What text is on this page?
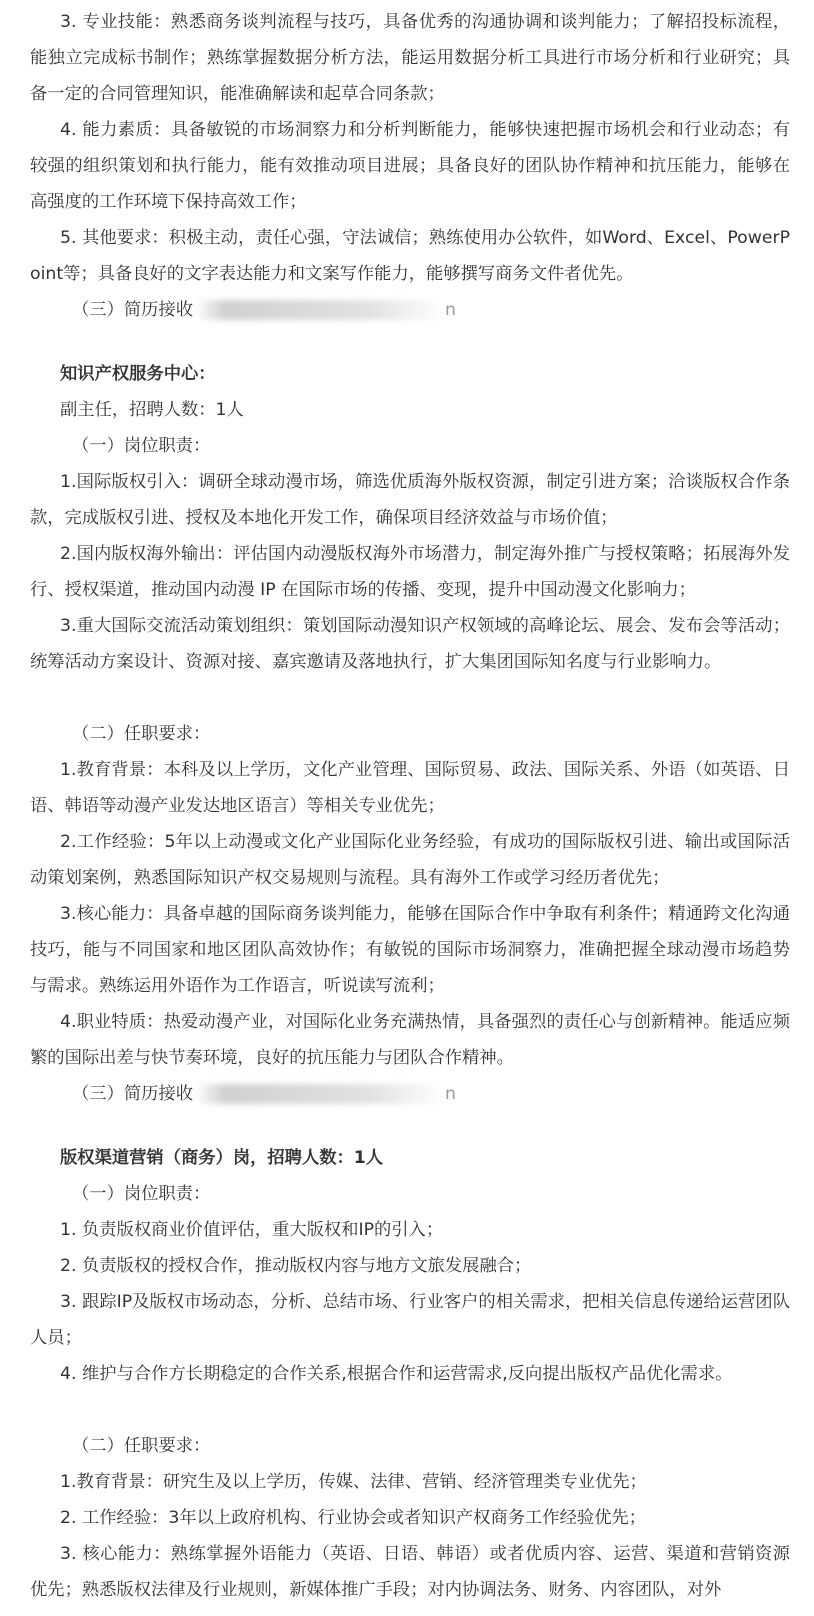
3. 专业技能：熟悉商务谈判流程与技巧，具备优秀的沟通协调和谈判能力；了解招投标流程，能独立完成标书制作；熟练掌握数据分析方法，能运用数据分析工具进行市场分析和行业研究；具备一定的合同管理知识，能准确解读和起草合同条款；

4. 能力素质：具备敏锐的市场洞察力和分析判断能力，能够快速把握市场机会和行业动态；有较强的组织策划和执行能力，能有效推动项目进展；具备良好的团队协作精神和抗压能力，能够在高强度的工作环境下保持高效工作；

5. 其他要求：积极主动，责任心强，守法诚信；熟练使用办公软件，如Word、Excel、PowerPoint等；具备良好的文字表达能力和文案写作能力，能够撰写商务文件者优先。

（三）简历接收	n

知识产权服务中心：

副主任，招聘人数：1人

（一）岗位职责：

1.国际版权引入：调研全球动漫市场，筛选优质海外版权资源，制定引进方案；洽谈版权合作条款，完成版权引进、授权及本地化开发工作，确保项目经济效益与市场价值；

2.国内版权海外输出：评估国内动漫版权海外市场潜力，制定海外推广与授权策略；拓展海外发行、授权渠道，推动国内动漫 IP 在国际市场的传播、变现，提升中国动漫文化影响力；

3.重大国际交流活动策划组织：策划国际动漫知识产权领域的高峰论坛、展会、发布会等活动；统筹活动方案设计、资源对接、嘉宾邀请及落地执行，扩大集团国际知名度与行业影响力。

（二）任职要求：

1.教育背景：本科及以上学历，文化产业管理、国际贸易、政法、国际关系、外语（如英语、日语、韩语等动漫产业发达地区语言）等相关专业优先；

2.工作经验：5年以上动漫或文化产业国际化业务经验，有成功的国际版权引进、输出或国际活动策划案例，熟悉国际知识产权交易规则与流程。具有海外工作或学习经历者优先；

3.核心能力：具备卓越的国际商务谈判能力，能够在国际合作中争取有利条件；精通跨文化沟通技巧，能与不同国家和地区团队高效协作；有敏锐的国际市场洞察力，准确把握全球动漫市场趋势与需求。熟练运用外语作为工作语言，听说读写流利；

4.职业特质：热爱动漫产业，对国际化业务充满热情，具备强烈的责任心与创新精神。能适应频繁的国际出差与快节奏环境，良好的抗压能力与团队合作精神。

（三）简历接收	n

版权渠道营销（商务）岗，招聘人数：1人

（一）岗位职责：

1. 负责版权商业价值评估，重大版权和IP的引入；

2. 负责版权的授权合作，推动版权内容与地方文旅发展融合；

3. 跟踪IP及版权市场动态，分析、总结市场、行业客户的相关需求，把相关信息传递给运营团队人员；

4. 维护与合作方长期稳定的合作关系,根据合作和运营需求,反向提出版权产品优化需求。

（二）任职要求：

1.教育背景：研究生及以上学历，传媒、法律、营销、经济管理类专业优先；

2. 工作经验：3年以上政府机构、行业协会或者知识产权商务工作经验优先；

3. 核心能力：熟练掌握外语能力（英语、日语、韩语）或者优质内容、运营、渠道和营销资源优先；熟悉版权法律及行业规则，新媒体推广手段；对内协调法务、财务、内容团队，对外
